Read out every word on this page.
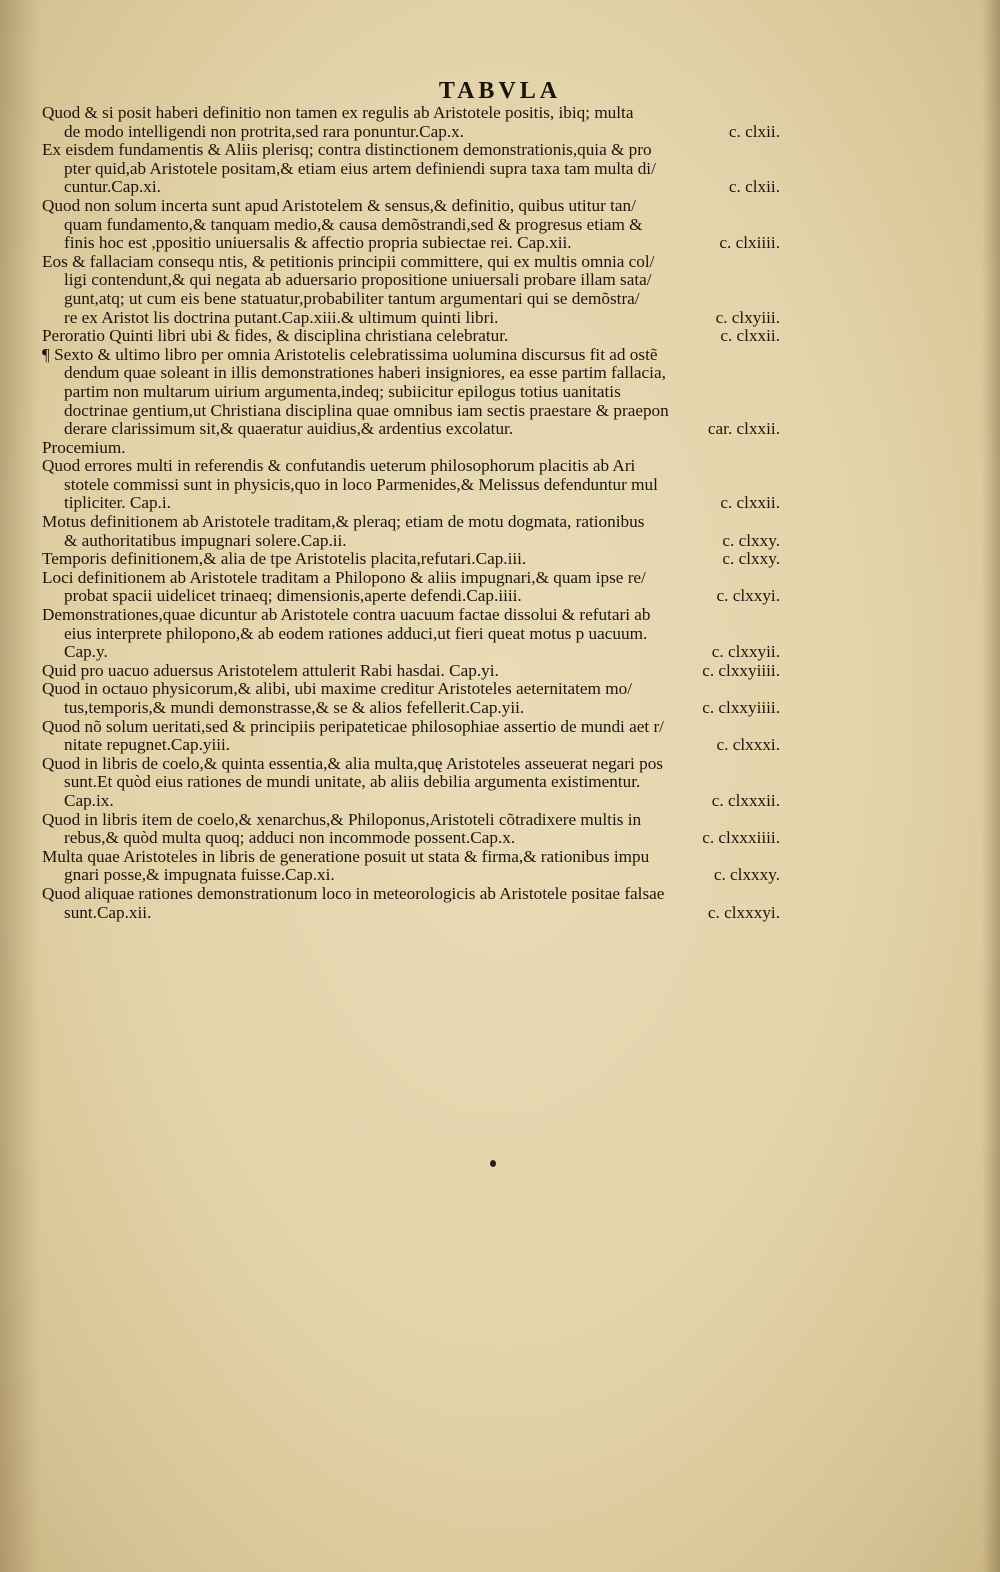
TABVLA
Quod & si posit haberi definitio non tamen ex regulis ab Aristotele positis, ibiq; multa
de modo intelligendi non protrita,sed rara ponuntur.Cap.x.	c. clxii.
Ex eisdem fundamentis & Aliis plerisq; contra distinctionem demonstrationis,quia & pro
pter quid,ab Aristotele positam,& etiam eius artem definiendi supra taxa tam multa di/
cuntur.Cap.xi.	c. clxii.
Quod non solum incerta sunt apud Aristotelem & sensus,& definitio, quibus utitur tan/
quam fundamento,& tanquam medio,& causa demõstrandi,sed & progresus etiam &
finis hoc est ,ppositio uniuersalis & affectio propria subiectae rei. Cap.xii.	c. clxiiii.
Eos & fallaciam consequ ntis, & petitionis principii committere, qui ex multis omnia col/
ligi contendunt,& qui negata ab aduersario propositione uniuersali probare illam sata/
gunt,atq; ut cum eis bene statuatur,probabiliter tantum argumentari qui se demõstra/
re ex Aristot lis doctrina putant.Cap.xiii.& ultimum quinti libri.	c. clxyiii.
Peroratio Quinti libri ubi & fides, & disciplina christiana celebratur.	c. clxxii.
¶ Sexto & ultimo libro per omnia Aristotelis celebratissima uolumina discursus fit ad ostẽ
dendum quae soleant in illis demonstrationes haberi insigniores, ea esse partim fallacia,
partim non multarum uirium argumenta,indeq; subiicitur epilogus totius uanitatis
doctrinae gentium,ut Christiana disciplina quae omnibus iam sectis praestare & praepon
derare clarissimum sit,& quaeratur auidius,& ardentius excolatur.	car. clxxii.
Procemium.
Quod errores multi in referendis & confutandis ueterum philosophorum placitis ab Ari
stotele commissi sunt in physicis,quo in loco Parmenides,& Melissus defenduntur mul
tipliciter. Cap.i.	c. clxxii.
Motus definitionem ab Aristotele traditam,& pleraq; etiam de motu dogmata, rationibus
& authoritatibus impugnari solere.Cap.ii.	c. clxxy.
Temporis definitionem,& alia de tpe Aristotelis placita,refutari.Cap.iii.	c. clxxy.
Loci definitionem ab Aristotele traditam a Philopono & aliis impugnari,& quam ipse re/
probat spacii uidelicet trinaeq; dimensionis,aperte defendi.Cap.iiii.	c. clxxyi.
Demonstrationes,quae dicuntur ab Aristotele contra uacuum factae dissolui & refutari ab
eius interprete philopono,& ab eodem rationes adduci,ut fieri queat motus p uacuum.
Cap.y.	c. clxxyii.
Quid pro uacuo aduersus Aristotelem attulerit Rabi hasdai. Cap.yi.	c. clxxyiiii.
Quod in octauo physicorum,& alibi, ubi maxime creditur Aristoteles aeternitatem mo/
tus,temporis,& mundi demonstrasse,& se & alios fefellerit.Cap.yii.	c. clxxyiiii.
Quod nõ solum ueritati,sed & principiis peripateticae philosophiae assertio de mundi aet r/
nitate repugnet.Cap.yiii.	c. clxxxi.
Quod in libris de coelo,& quinta essentia,& alia multa,quę Aristoteles asseuerat negari pos
sunt.Et quòd eius rationes de mundi unitate, ab aliis debilia argumenta existimentur.
Cap.ix.	c. clxxxii.
Quod in libris item de coelo,& xenarchus,& Philoponus,Aristoteli cõtradixere multis in
rebus,& quòd multa quoq; adduci non incommode possent.Cap.x.	c. clxxxiiii.
Multa quae Aristoteles in libris de generatione posuit ut stata & firma,& rationibus impu
gnari posse,& impugnata fuisse.Cap.xi.	c. clxxxy.
Quod aliquae rationes demonstrationum loco in meteorologicis ab Aristotele positae falsae
sunt.Cap.xii.	c. clxxxyi.
